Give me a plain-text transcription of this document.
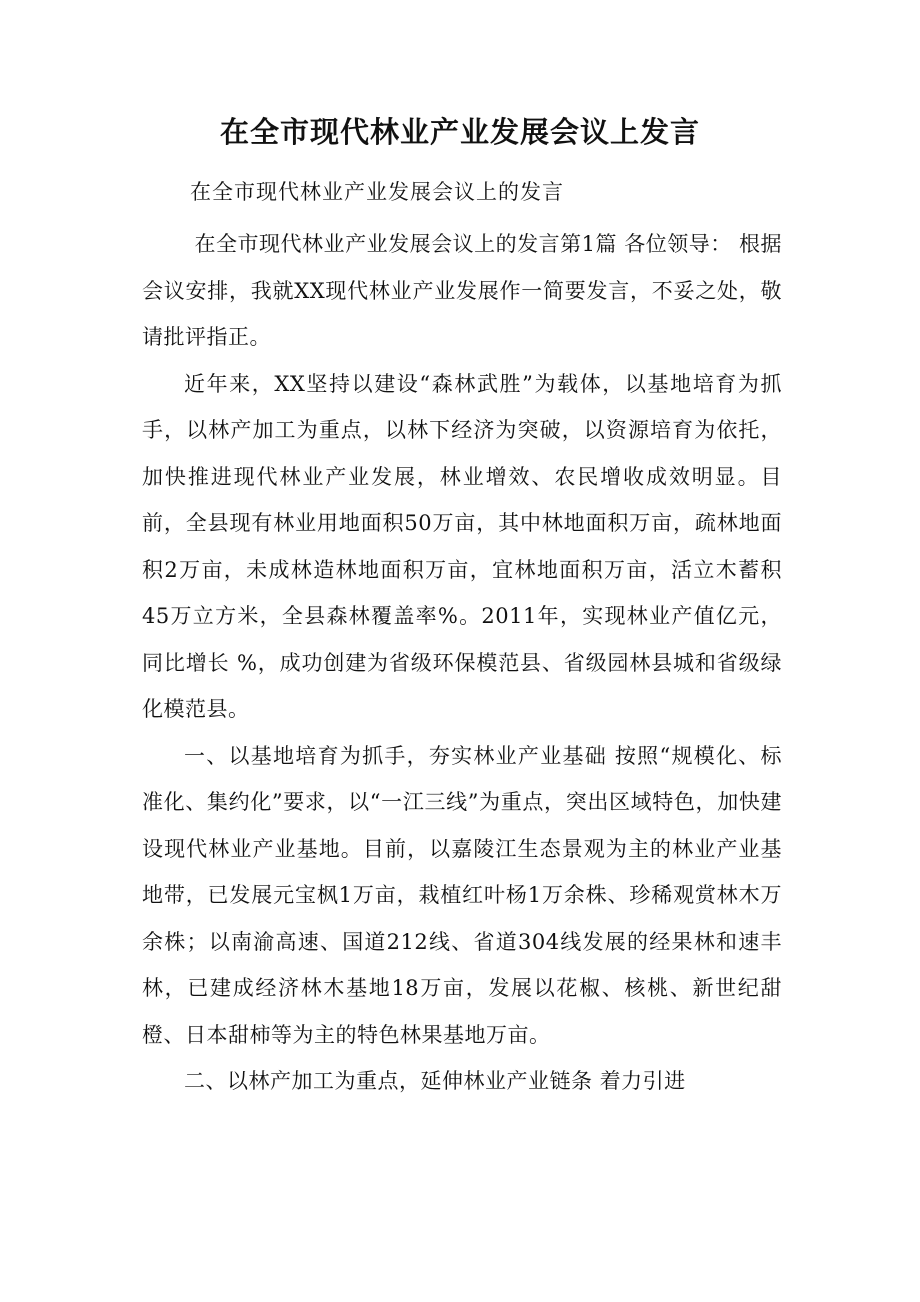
在全市现代林业产业发展会议上发言

在全市现代林业产业发展会议上的发言

在全市现代林业产业发展会议上的发言第1篇 各位领导： 根据会议安排，我就XX现代林业产业发展作一简要发言，不妥之处，敬请批评指正。

近年来，XX坚持以建设“森林武胜”为载体，以基地培育为抓手，以林产加工为重点，以林下经济为突破，以资源培育为依托，加快推进现代林业产业发展，林业增效、农民增收成效明显。目前，全县现有林业用地面积50万亩，其中林地面积万亩，疏林地面积2万亩，未成林造林地面积万亩，宜林地面积万亩，活立木蓄积45万立方米，全县森林覆盖率%。2011年，实现林业产值亿元，同比增长 %，成功创建为省级环保模范县、省级园林县城和省级绿化模范县。

一、以基地培育为抓手，夯实林业产业基础 按照“规模化、标准化、集约化”要求，以“一江三线”为重点，突出区域特色，加快建设现代林业产业基地。目前，以嘉陵江生态景观为主的林业产业基地带，已发展元宝枫1万亩，栽植红叶杨1万余株、珍稀观赏林木万余株；以南渝高速、国道212线、省道304线发展的经果林和速丰林，已建成经济林木基地18万亩，发展以花椒、核桃、新世纪甜橙、日本甜柿等为主的特色林果基地万亩。

二、以林产加工为重点，延伸林业产业链条 着力引进
